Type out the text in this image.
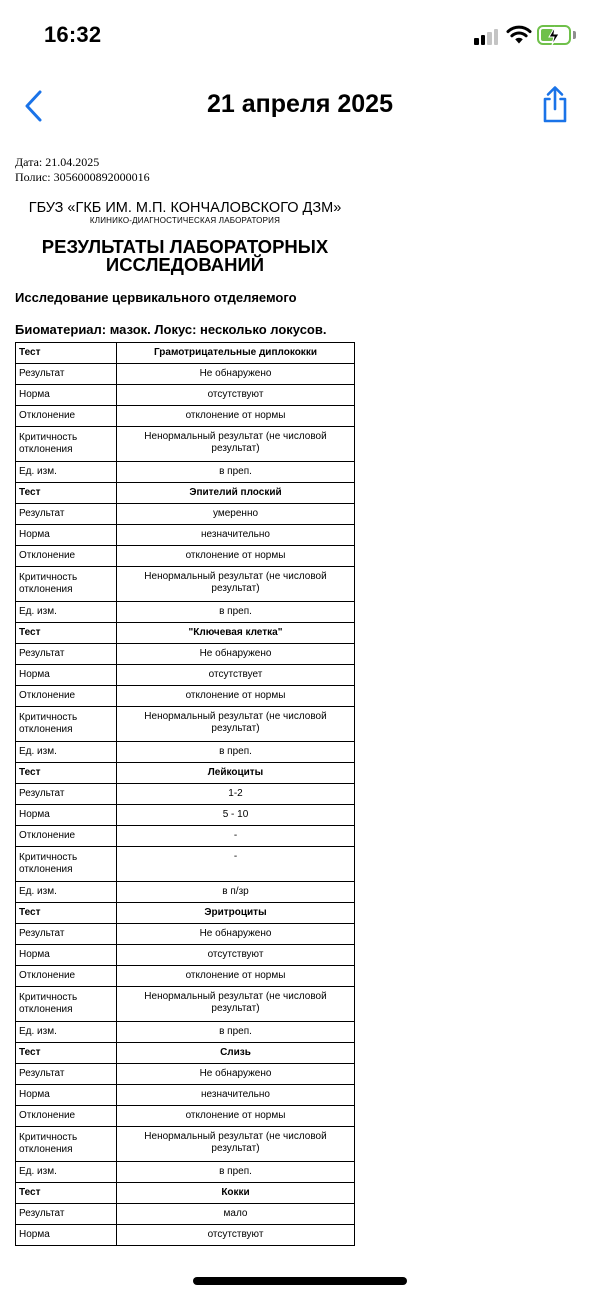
16:32
21 апреля 2025
Дата: 21.04.2025
Полис: 3056000892000016
ГБУЗ «ГКБ ИМ. М.П. КОНЧАЛОВСКОГО ДЗМ»
КЛИНИКО-ДИАГНОСТИЧЕСКАЯ ЛАБОРАТОРИЯ
РЕЗУЛЬТАТЫ ЛАБОРАТОРНЫХ
ИССЛЕДОВАНИЙ
Исследование цервикального отделяемого
Биоматериал: мазок. Локус: несколько локусов.
Тест	Грамотрицательные диплококки
Результат	Не обнаружено
Норма	отсутствуют
Отклонение	отклонение от нормы
Критичность отклонения	Ненормальный результат (не числовой результат)
Ед. изм.	в преп.
Тест	Эпителий плоский
Результат	умеренно
Норма	незначительно
Отклонение	отклонение от нормы
Критичность отклонения	Ненормальный результат (не числовой результат)
Ед. изм.	в преп.
Тест	"Ключевая клетка"
Результат	Не обнаружено
Норма	отсутствует
Отклонение	отклонение от нормы
Критичность отклонения	Ненормальный результат (не числовой результат)
Ед. изм.	в преп.
Тест	Лейкоциты
Результат	1-2
Норма	5 - 10
Отклонение	-
Критичность отклонения	-
Ед. изм.	в п/зр
Тест	Эритроциты
Результат	Не обнаружено
Норма	отсутствуют
Отклонение	отклонение от нормы
Критичность отклонения	Ненормальный результат (не числовой результат)
Ед. изм.	в преп.
Тест	Слизь
Результат	Не обнаружено
Норма	незначительно
Отклонение	отклонение от нормы
Критичность отклонения	Ненормальный результат (не числовой результат)
Ед. изм.	в преп.
Тест	Кокки
Результат	мало
Норма	отсутствуют
